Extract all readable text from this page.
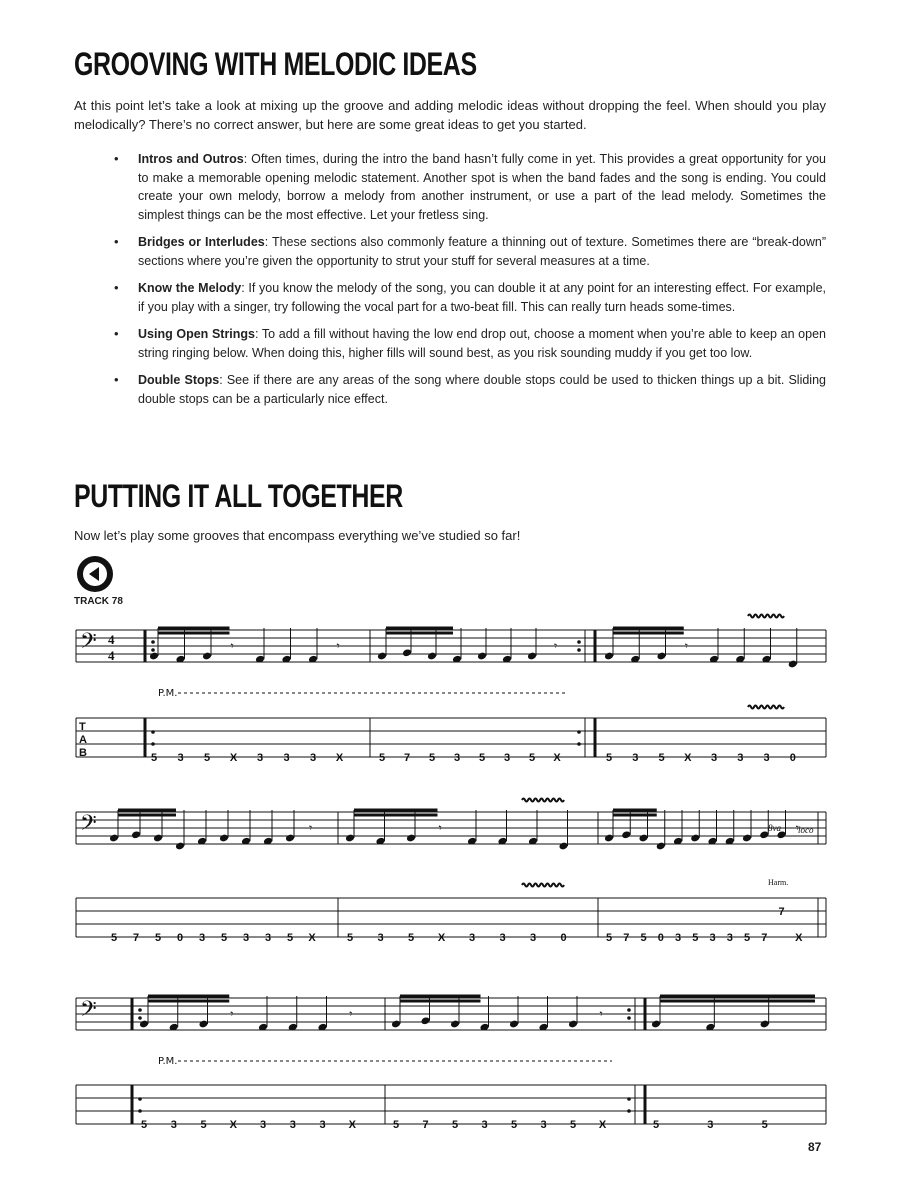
GROOVING WITH MELODIC IDEAS

At this point let’s take a look at mixing up the groove and adding melodic ideas without dropping the feel. When should you play melodically? There’s no correct answer, but here are some great ideas to get you started.

• Intros and Outros: Often times, during the intro the band hasn’t fully come in yet. This provides a great opportunity for you to make a memorable opening melodic statement. Another spot is when the band fades and the song is ending. You could create your own melody, borrow a melody from another instrument, or use a part of the lead melody. Sometimes the simplest things can be the most effective. Let your fretless sing.
• Bridges or Interludes: These sections also commonly feature a thinning out of texture. Sometimes there are “break-down” sections where you’re given the opportunity to strut your stuff for several measures at a time.
• Know the Melody: If you know the melody of the song, you can double it at any point for an interesting effect. For example, if you play with a singer, try following the vocal part for a two-beat fill. This can really turn heads some-times.
• Using Open Strings: To add a fill without having the low end drop out, choose a moment when you’re able to keep an open string ringing below. When doing this, higher fills will sound best, as you risk sounding muddy if you get too low.
• Double Stops: See if there are any areas of the song where double stops could be used to thicken things up a bit. Sliding double stops can be a particularly nice effect.
PUTTING IT ALL TOGETHER

Now let’s play some grooves that encompass everything we’ve studied so far!

TRACK 78
𝄢 4
4
T
A
B
P.M.
5 3 5 X
𝄾
3 3 3 X
𝄾
5 7 5 3 5 3 5 X
𝄾
5 3 5 X
𝄾
3 3 3 0
𝄢
5 7 5 0 3 5 3 3 5 X
𝄾
5 3 5 X
𝄾
3 3 3 0	5 7 5 0 3 5 3 3 5 7
7
X
𝄾
𝄢
P.M.
5 3 5 X
𝄾
3 3 3 X
𝄾
5 7 5 3 5 3 5 X
𝄾
5	3	5
8va loco
Harm.
87
